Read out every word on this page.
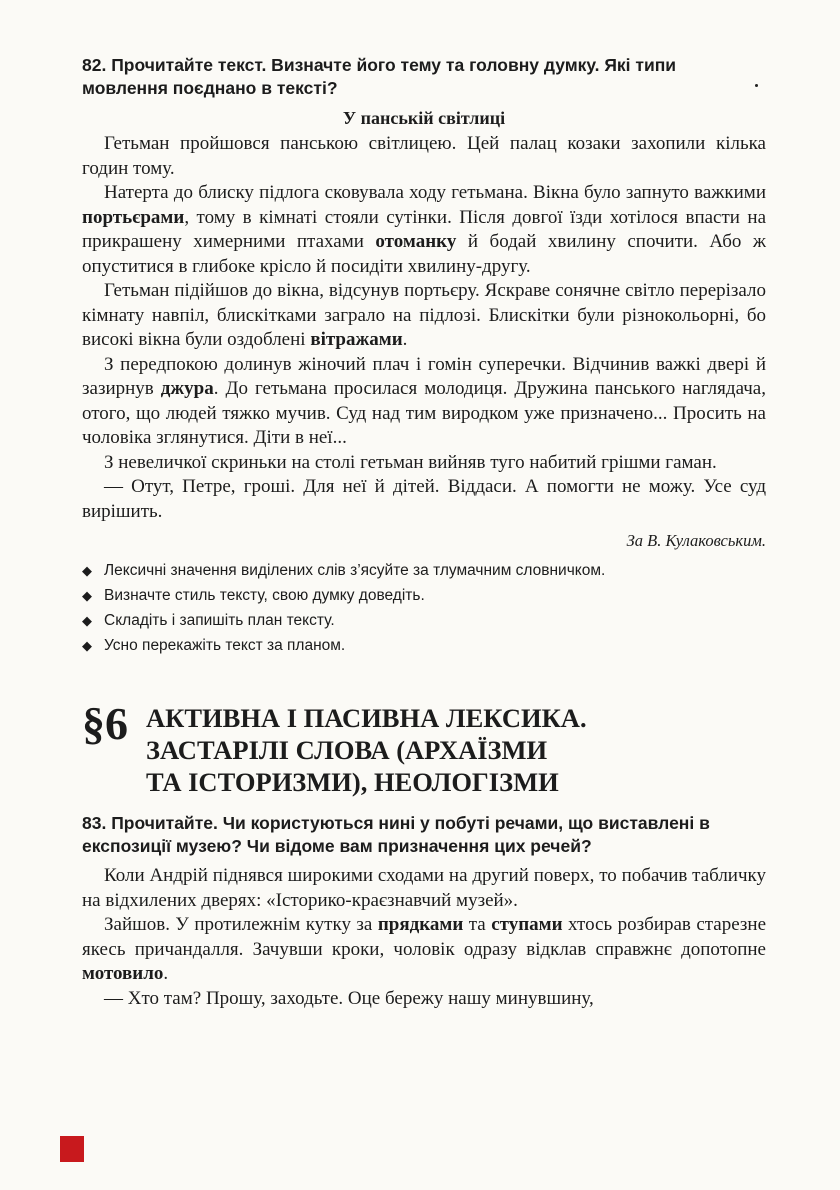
82. Прочитайте текст. Визначте його тему та головну думку. Які типи мовлення поєднано в тексті?

У панській світлиці

Гетьман пройшовся панською світлицею. Цей палац козаки захопили кілька годин тому.

Натерта до блиску підлога сковувала ходу гетьмана. Вікна було запнуто важкими портьєрами, тому в кімнаті стояли сутінки. Після довгої їзди хотілося впасти на прикрашену химерними птахами отоманку й бодай хвилину спочити. Або ж опуститися в глибоке крісло й посидіти хвилину-другу.

Гетьман підійшов до вікна, відсунув портьєру. Яскраве сонячне світло перерізало кімнату навпіл, блискітками заграло на підлозі. Блискітки були різнокольорні, бо високі вікна були оздоблені вітражами.

З передпокою долинув жіночий плач і гомін суперечки. Відчинив важкі двері й зазирнув джура. До гетьмана просилася молодиця. Дружина панського наглядача, отого, що людей тяжко мучив. Суд над тим виродком уже призначено... Просить на чоловіка зглянутися. Діти в неї...

З невеличкої скриньки на столі гетьман вийняв туго набитий грішми гаман.

— Отут, Петре, гроші. Для неї й дітей. Віддаси. А помогти не можу. Усе суд вирішить.

За В. Кулаковським.
◆ Лексичні значення виділених слів з’ясуйте за тлумачним словничком.
◆ Визначте стиль тексту, свою думку доведіть.
◆ Складіть і запишіть план тексту.
◆ Усно перекажіть текст за планом.
§6 АКТИВНА І ПАСИВНА ЛЕКСИКА.
ЗАСТАРІЛІ СЛОВА (АРХАЇЗМИ
ТА ІСТОРИЗМИ), НЕОЛОГІЗМИ

83. Прочитайте. Чи користуються нині у побуті речами, що виставлені в експозиції музею? Чи відоме вам призначення цих речей?

Коли Андрій піднявся широкими сходами на другий поверх, то побачив табличку на відхилених дверях: «Історико-краєзнавчий музей».

Зайшов. У протилежнім кутку за прядками та ступами хтось розбирав старезне якесь причандалля. Зачувши кроки, чоловік одразу відклав справжнє допотопне мотовило.

— Хто там? Прошу, заходьте. Оце бережу нашу минувшину,
